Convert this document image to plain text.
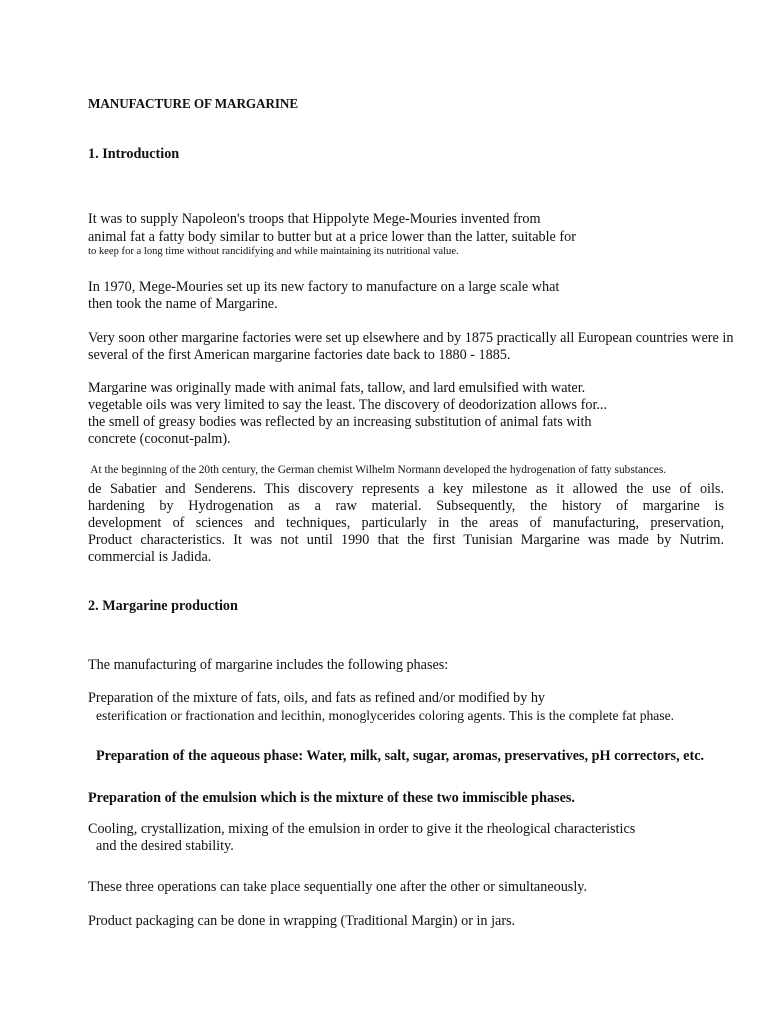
MANUFACTURE OF MARGARINE

1. Introduction

It was to supply Napoleon's troops that Hippolyte Mege-Mouries invented from

animal fat a fatty body similar to butter but at a price lower than the latter, suitable for

to keep for a long time without rancidifying and while maintaining its nutritional value.

In 1970, Mege-Mouries set up its new factory to manufacture on a large scale what

then took the name of Margarine.

Very soon other margarine factories were set up elsewhere and by 1875 practically all European countries were in

several of the first American margarine factories date back to 1880 - 1885.

Margarine was originally made with animal fats, tallow, and lard emulsified with water.

vegetable oils was very limited to say the least. The discovery of deodorization allows for...

the smell of greasy bodies was reflected by an increasing substitution of animal fats with

concrete (coconut-palm).

At the beginning of the 20th century, the German chemist Wilhelm Normann developed the hydrogenation of fatty substances.

de Sabatier and Senderens. This discovery represents a key milestone as it allowed the use of oils.
hardening by Hydrogenation as a raw material. Subsequently, the history of margarine is
development of sciences and techniques, particularly in the areas of manufacturing, preservation,
Product characteristics. It was not until 1990 that the first Tunisian Margarine was made by Nutrim.
commercial is Jadida.

2. Margarine production

The manufacturing of margarine includes the following phases:

Preparation of the mixture of fats, oils, and fats as refined and/or modified by hy

esterification or fractionation and lecithin, monoglycerides coloring agents. This is the complete fat phase.

Preparation of the aqueous phase: Water, milk, salt, sugar, aromas, preservatives, pH correctors, etc.

Preparation of the emulsion which is the mixture of these two immiscible phases.

Cooling, crystallization, mixing of the emulsion in order to give it the rheological characteristics

and the desired stability.

These three operations can take place sequentially one after the other or simultaneously.

Product packaging can be done in wrapping (Traditional Margin) or in jars.
